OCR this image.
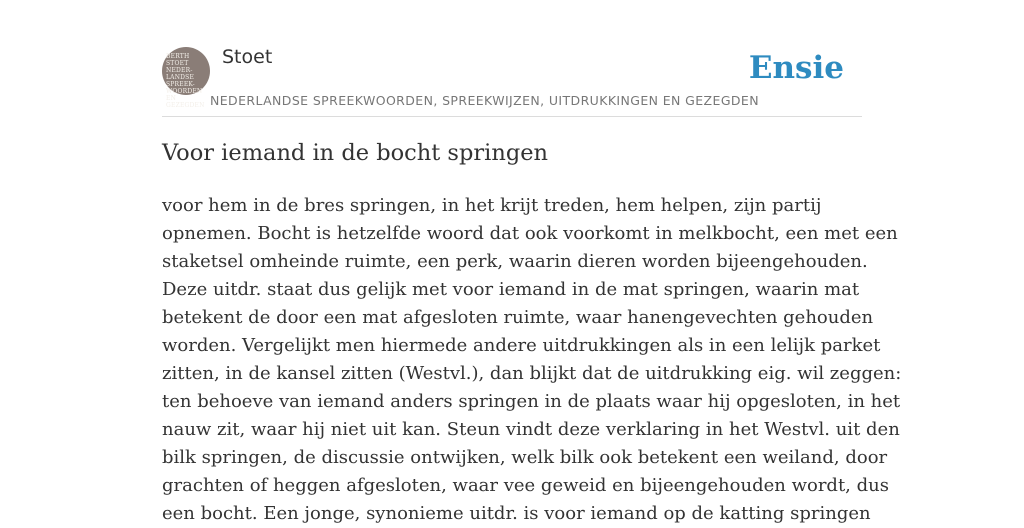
BERTH STOET
NEDER-
LANDSE
SPREEK-
WOORDEN EN
GEZEGDEN
Stoet
NEDERLANDSE SPREEKWOORDEN, SPREEKWIJZEN, UITDRUKKINGEN EN GEZEGDEN
Ensie
Voor iemand in de bocht springen

voor hem in de bres springen, in het krijt treden, hem helpen, zijn partij
opnemen. Bocht is hetzelfde woord dat ook voorkomt in melkbocht, een met een
staketsel omheinde ruimte, een perk, waarin dieren worden bijeengehouden.
Deze uitdr. staat dus gelijk met voor iemand in de mat springen, waarin mat
betekent de door een mat afgesloten ruimte, waar hanengevechten gehouden
worden. Vergelijkt men hiermede andere uitdrukkingen als in een lelijk parket
zitten, in de kansel zitten (Westvl.), dan blijkt dat de uitdrukking eig. wil zeggen:
ten behoeve van iemand anders springen in de plaats waar hij opgesloten, in het
nauw zit, waar hij niet uit kan. Steun vindt deze verklaring in het Westvl. uit den
bilk springen, de discussie ontwijken, welk bilk ook betekent een weiland, door
grachten of heggen afgesloten, waar vee geweid en bijeengehouden wordt, dus
een bocht. Een jonge, synonieme uitdr. is voor iemand op de katting springen
